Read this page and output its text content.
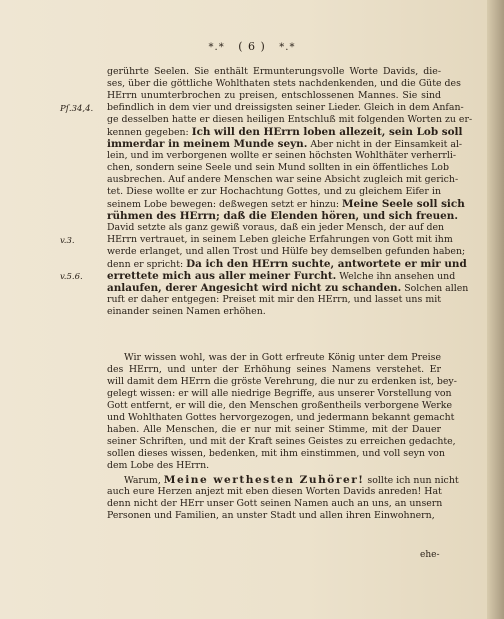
*.* ( 6 ) *.*
Pſ.34,4.
v.3.
v.5.6.
gerührte Seelen. Sie enthält Ermunterungsvolle Worte Davids, die-
ses, über die göttliche Wohlthaten stets nachdenkenden, und die Güte des
HErrn unumterbrochen zu preisen, entschlossenen Mannes. Sie sind
befindlich in dem vier und dreissigsten seiner Lieder. Gleich in dem Anfan-
ge desselben hatte er diesen heiligen Entschluß mit folgenden Worten zu er-
kennen gegeben: Ich will den HErrn loben allezeit, sein Lob soll
immerdar in meinem Munde seyn. Aber nicht in der Einsamkeit al-
lein, und im verborgenen wollte er seinen höchsten Wohlthäter verherrli-
chen, sondern seine Seele und sein Mund sollten in ein öffentliches Lob
ausbrechen. Auf andere Menschen war seine Absicht zugleich mit gerich-
tet. Diese wollte er zur Hochachtung Gottes, und zu gleichem Eifer in
seinem Lobe bewegen: deßwegen setzt er hinzu: Meine Seele soll sich
rühmen des HErrn; daß die Elenden hören, und sich freuen.
David setzte als ganz gewiß voraus, daß ein jeder Mensch, der auf den
HErrn vertrauet, in seinem Leben gleiche Erfahrungen von Gott mit ihm
werde erlanget, und allen Trost und Hülfe bey demselben gefunden haben;
denn er spricht: Da ich den HErrn suchte, antwortete er mir und
errettete mich aus aller meiner Furcht. Welche ihn ansehen und
anlaufen, derer Angesicht wird nicht zu schanden. Solchen allen
ruft er daher entgegen: Preiset mit mir den HErrn, und lasset uns mit
einander seinen Namen erhöhen.
Wir wissen wohl, was der in Gott erfreute König unter dem Preise
des HErrn, und unter der Erhöhung seines Namens verstehet. Er
will damit dem HErrn die gröste Verehrung, die nur zu erdenken ist, bey-
gelegt wissen: er will alle niedrige Begriffe, aus unserer Vorstellung von
Gott entfernt, er will die, den Menschen großentheils verborgene Werke
und Wohlthaten Gottes hervorgezogen, und jedermann bekannt gemacht
haben. Alle Menschen, die er nur mit seiner Stimme, mit der Dauer
seiner Schriften, und mit der Kraft seines Geistes zu erreichen gedachte,
sollen dieses wissen, bedenken, mit ihm einstimmen, und voll seyn von
dem Lobe des HErrn.
Warum, Meine werthesten Zuhörer! sollte ich nun nicht
auch eure Herzen anjezt mit eben diesen Worten Davids anreden! Hat
denn nicht der HErr unser Gott seinen Namen auch an uns, an unsern
Personen und Familien, an unster Stadt und allen ihren Einwohnern,
ehe-
